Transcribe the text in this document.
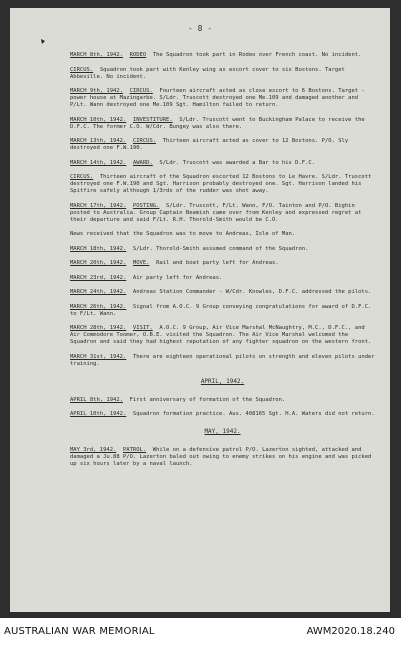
- 8 -
MARCH 8th, 1942. RODEO The Squadron took part in Rodeo over French coast. No incident.
CIRCUS. Squadron took part with Kenley wing as escort cover to six Bostons. Target Abbeville. No incident.
MARCH 9th, 1942. CIRCUS. Fourteen aircraft acted as close escort to 6 Bostons. Target - power house at Mazingarbe. S/Ldr. Truscott destroyed one Me.109 and damaged another and P/Lt. Wann destroyed one Me.109 Sgt. Hamilton failed to return.
MARCH 10th, 1942. INVESTITURE. S/Ldr. Truscott went to Buckingham Palace to receive the D.F.C. The former C.O. W/Cdr. Bungey was also there.
MARCH 13th, 1942. CIRCUS. Thirteen aircraft acted as cover to 12 Bostons. P/O. Sly destroyed one F.W.190.
MARCH 14th, 1942. AWARD. S/Ldr. Truscott was awarded a Bar to his D.F.C.
CIRCUS. Thirteen aircraft of the Squadron escorted 12 Bostons to Le Havre. S/Ldr. Truscott destroyed one F.W.190 and Sgt. Harrison probably destroyed one. Sgt. Harrison landed his Spitfire safely although 1/3rds of the rudder was shot away.
MARCH 17th, 1942. POSTING. S/Ldr. Truscott, F/Lt. Wann, F/O. Tainton and P/O. Bighin posted to Australia. Group Captain Beamish came over from Kenley and expressed regret at their departure and said F/Lt. R.H. Thorold-Smith would be C.O.
News received that the Squadron was to move to Andreas, Isle of Man.
MARCH 18th, 1942. S/Ldr. Thorold-Smith assumed command of the Squadron.
MARCH 20th, 1942. MOVE. Rail and boat party left for Andreas.
MARCH 23rd, 1942. Air party left for Andreas.
MARCH 24th, 1942. Andreas Station Commander - W/Cdr. Knowles, D.F.C. addressed the pilots.
MARCH 26th, 1942. Signal from A.O.C. 9 Group conveying congratulations for award of D.F.C. to F/Lt. Wann.
MARCH 28th, 1942. VISIT. A.O.C. 9 Group, Air Vice Marshal McNaughtry, M.C., D.F.C., and Air Commodore Toomer, O.B.E. visited the Squadron. The Air Vice Marshal welcomed the Squadron and said they had highest reputation of any fighter squadron on the western front.
MARCH 31st, 1942. There are eighteen operational pilots on strength and eleven pilots under training.
APRIL, 1942.
APRIL 8th, 1942. First anniversary of formation of the Squadron.
APRIL 10th, 1942. Squadron formation practice. Aus. 408165 Sgt. H.A. Waters did not return.
MAY, 1942.
MAY 3rd, 1942. PATROL. While on a defensive patrol P/O. Lazerton sighted, attacked and damaged a Ju.88 P/O. Lazerton baled out owing to enemy strikes on his engine and was picked up six hours later by a naval launch.
AUSTRALIAN WAR MEMORIAL	AWM2020.18.240
